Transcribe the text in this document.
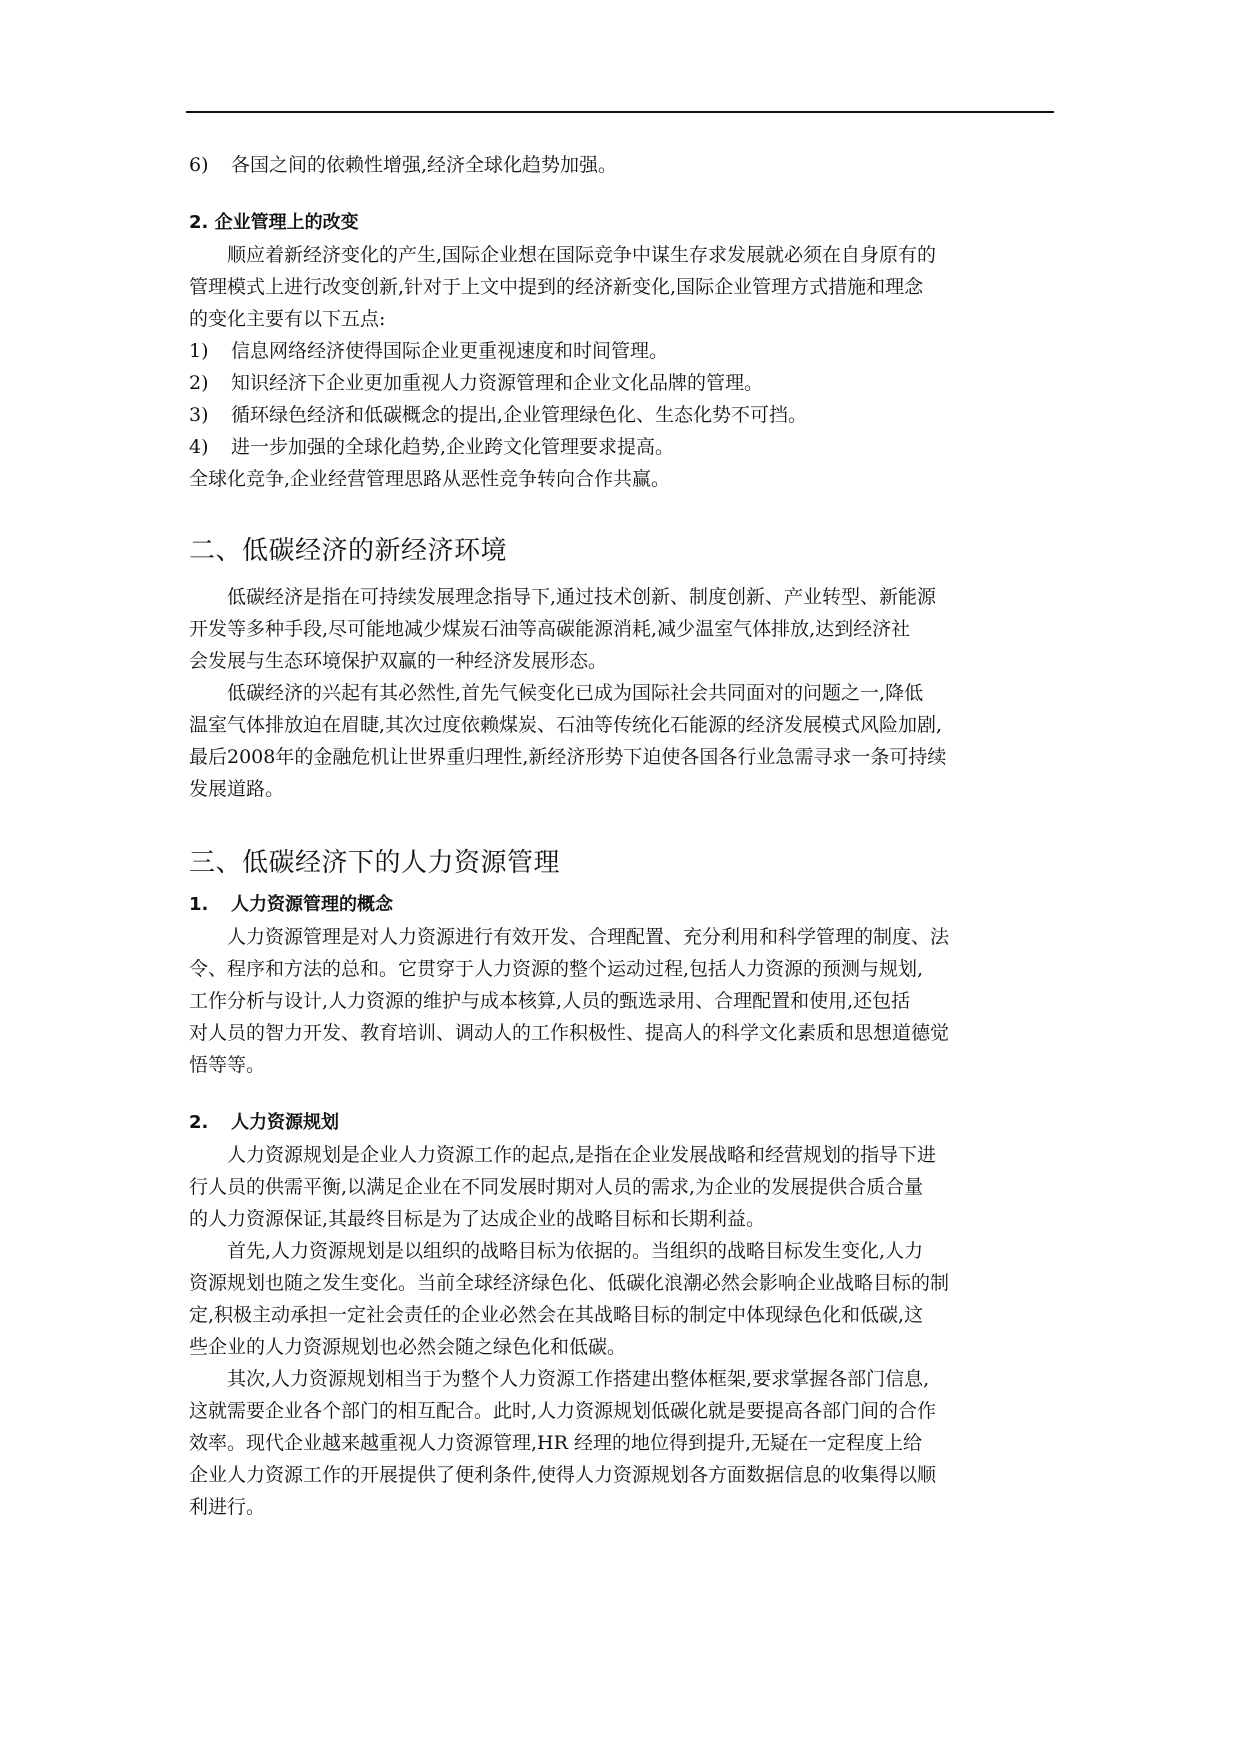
6) 各国之间的依赖性增强,经济全球化趋势加强。
2. 企业管理上的改变
顺应着新经济变化的产生,国际企业想在国际竞争中谋生存求发展就必须在自身原有的
管理模式上进行改变创新,针对于上文中提到的经济新变化,国际企业管理方式措施和理念
的变化主要有以下五点:
1) 信息网络经济使得国际企业更重视速度和时间管理。
2) 知识经济下企业更加重视人力资源管理和企业文化品牌的管理。
3) 循环绿色经济和低碳概念的提出,企业管理绿色化、生态化势不可挡。
4) 进一步加强的全球化趋势,企业跨文化管理要求提高。
全球化竞争,企业经营管理思路从恶性竞争转向合作共赢。
二、低碳经济的新经济环境
低碳经济是指在可持续发展理念指导下,通过技术创新、制度创新、产业转型、新能源
开发等多种手段,尽可能地减少煤炭石油等高碳能源消耗,减少温室气体排放,达到经济社
会发展与生态环境保护双赢的一种经济发展形态。
低碳经济的兴起有其必然性,首先气候变化已成为国际社会共同面对的问题之一,降低
温室气体排放迫在眉睫,其次过度依赖煤炭、石油等传统化石能源的经济发展模式风险加剧,
最后2008年的金融危机让世界重归理性,新经济形势下迫使各国各行业急需寻求一条可持续
发展道路。
三、低碳经济下的人力资源管理
1. 人力资源管理的概念
人力资源管理是对人力资源进行有效开发、合理配置、充分利用和科学管理的制度、法
令、程序和方法的总和。它贯穿于人力资源的整个运动过程,包括人力资源的预测与规划,
工作分析与设计,人力资源的维护与成本核算,人员的甄选录用、合理配置和使用,还包括
对人员的智力开发、教育培训、调动人的工作积极性、提高人的科学文化素质和思想道德觉
悟等等。
2. 人力资源规划
人力资源规划是企业人力资源工作的起点,是指在企业发展战略和经营规划的指导下进
行人员的供需平衡,以满足企业在不同发展时期对人员的需求,为企业的发展提供合质合量
的人力资源保证,其最终目标是为了达成企业的战略目标和长期利益。
首先,人力资源规划是以组织的战略目标为依据的。当组织的战略目标发生变化,人力
资源规划也随之发生变化。当前全球经济绿色化、低碳化浪潮必然会影响企业战略目标的制
定,积极主动承担一定社会责任的企业必然会在其战略目标的制定中体现绿色化和低碳,这
些企业的人力资源规划也必然会随之绿色化和低碳。
其次,人力资源规划相当于为整个人力资源工作搭建出整体框架,要求掌握各部门信息,
这就需要企业各个部门的相互配合。此时,人力资源规划低碳化就是要提高各部门间的合作
效率。现代企业越来越重视人力资源管理,HR 经理的地位得到提升,无疑在一定程度上给
企业人力资源工作的开展提供了便利条件,使得人力资源规划各方面数据信息的收集得以顺
利进行。
